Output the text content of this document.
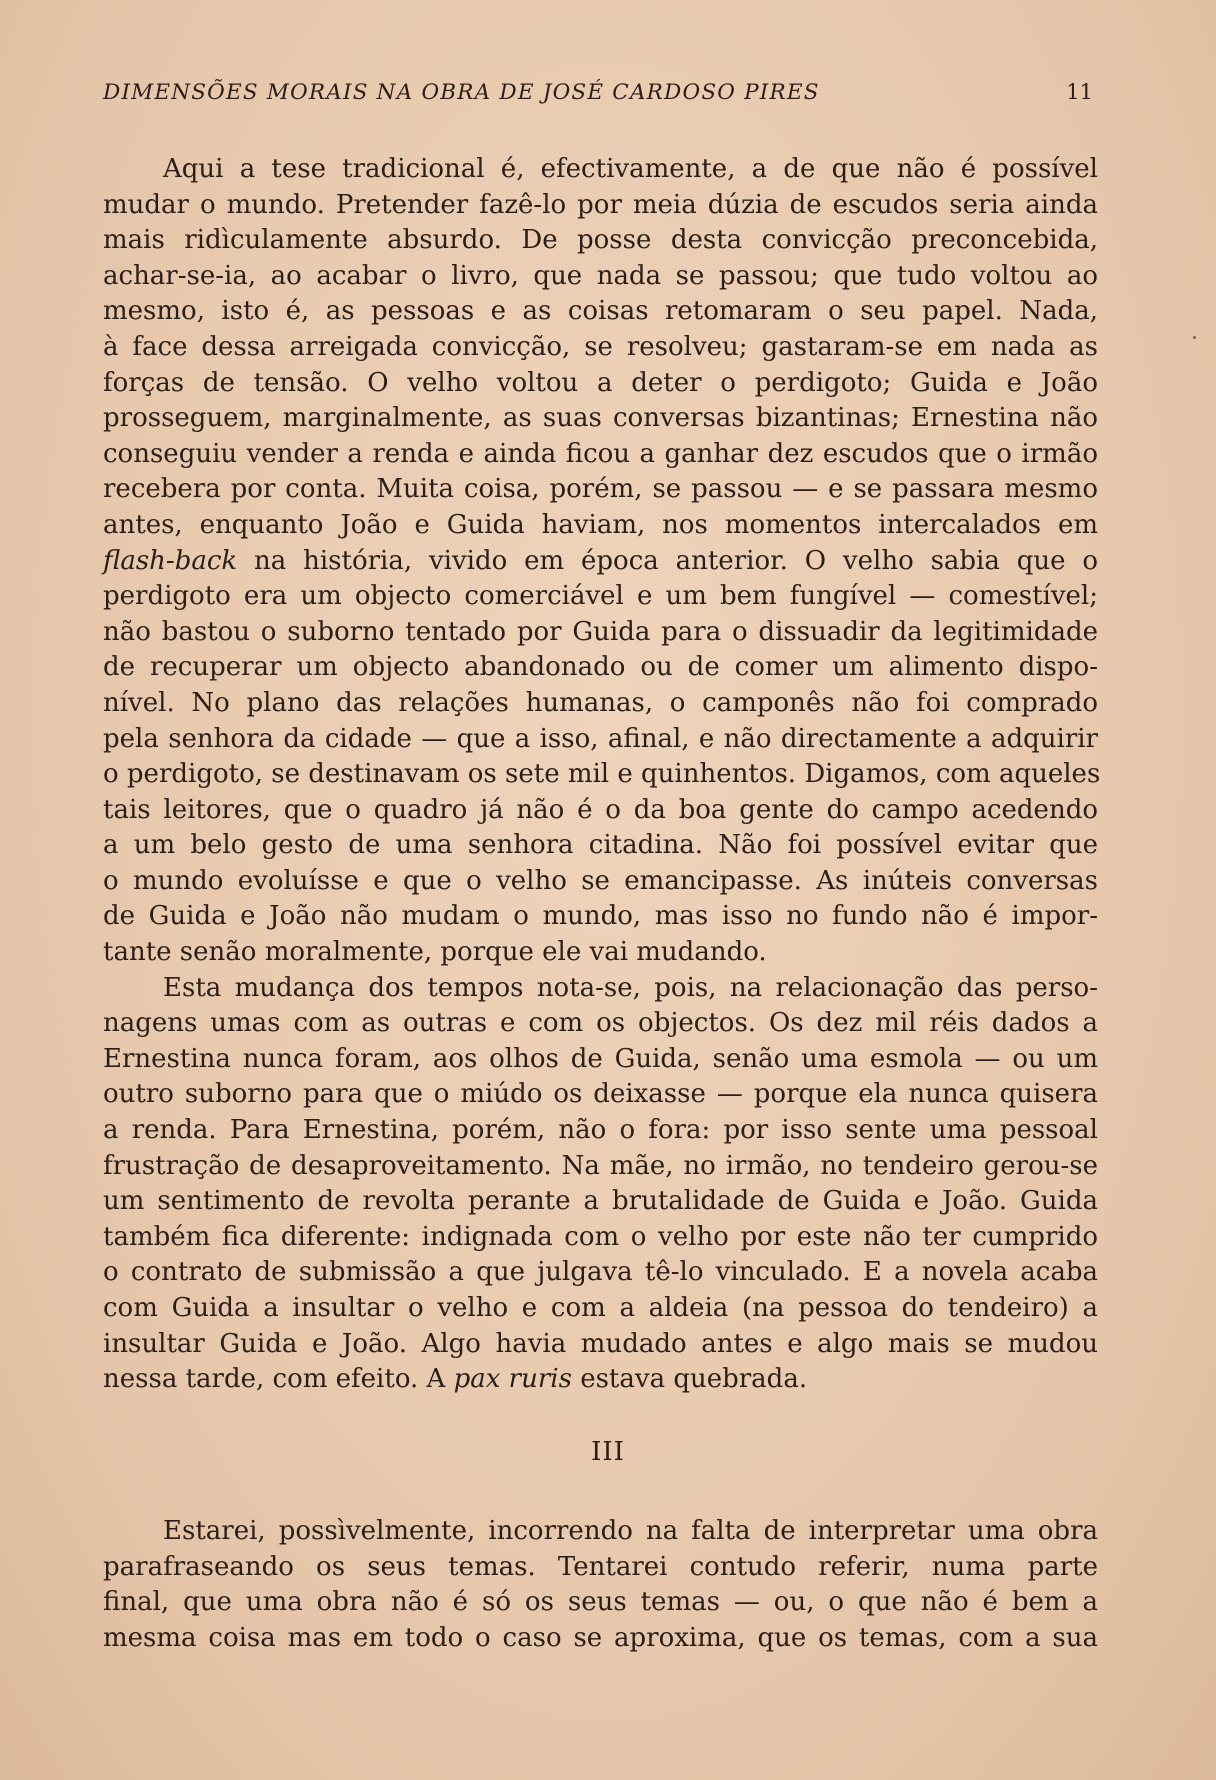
DIMENSÕES MORAIS NA OBRA DE JOSÉ CARDOSO PIRES	11
Aqui a tese tradicional é, efectivamente, a de que não é possível
mudar o mundo. Pretender fazê-lo por meia dúzia de escudos seria ainda
mais ridìculamente absurdo. De posse desta convicção preconcebida,
achar-se-ia, ao acabar o livro, que nada se passou; que tudo voltou ao
mesmo, isto é, as pessoas e as coisas retomaram o seu papel. Nada,
à face dessa arreigada convicção, se resolveu; gastaram-se em nada as
forças de tensão. O velho voltou a deter o perdigoto; Guida e João
prosseguem, marginalmente, as suas conversas bizantinas; Ernestina não
conseguiu vender a renda e ainda ficou a ganhar dez escudos que o irmão
recebera por conta. Muita coisa, porém, se passou — e se passara mesmo
antes, enquanto João e Guida haviam, nos momentos intercalados em
flash-back na história, vivido em época anterior. O velho sabia que o
perdigoto era um objecto comerciável e um bem fungível — comestível;
não bastou o suborno tentado por Guida para o dissuadir da legitimidade
de recuperar um objecto abandonado ou de comer um alimento dispo-
nível. No plano das relações humanas, o camponês não foi comprado
pela senhora da cidade — que a isso, afinal, e não directamente a adquirir
o perdigoto, se destinavam os sete mil e quinhentos. Digamos, com aqueles
tais leitores, que o quadro já não é o da boa gente do campo acedendo
a um belo gesto de uma senhora citadina. Não foi possível evitar que
o mundo evoluísse e que o velho se emancipasse. As inúteis conversas
de Guida e João não mudam o mundo, mas isso no fundo não é impor-
tante senão moralmente, porque ele vai mudando.
Esta mudança dos tempos nota-se, pois, na relacionação das perso-
nagens umas com as outras e com os objectos. Os dez mil réis dados a
Ernestina nunca foram, aos olhos de Guida, senão uma esmola — ou um
outro suborno para que o miúdo os deixasse — porque ela nunca quisera
a renda. Para Ernestina, porém, não o fora: por isso sente uma pessoal
frustração de desaproveitamento. Na mãe, no irmão, no tendeiro gerou-se
um sentimento de revolta perante a brutalidade de Guida e João. Guida
também fica diferente: indignada com o velho por este não ter cumprido
o contrato de submissão a que julgava tê-lo vinculado. E a novela acaba
com Guida a insultar o velho e com a aldeia (na pessoa do tendeiro) a
insultar Guida e João. Algo havia mudado antes e algo mais se mudou
nessa tarde, com efeito. A pax ruris estava quebrada.
III
Estarei, possìvelmente, incorrendo na falta de interpretar uma obra
parafraseando os seus temas. Tentarei contudo referir, numa parte
final, que uma obra não é só os seus temas — ou, o que não é bem a
mesma coisa mas em todo o caso se aproxima, que os temas, com a sua
